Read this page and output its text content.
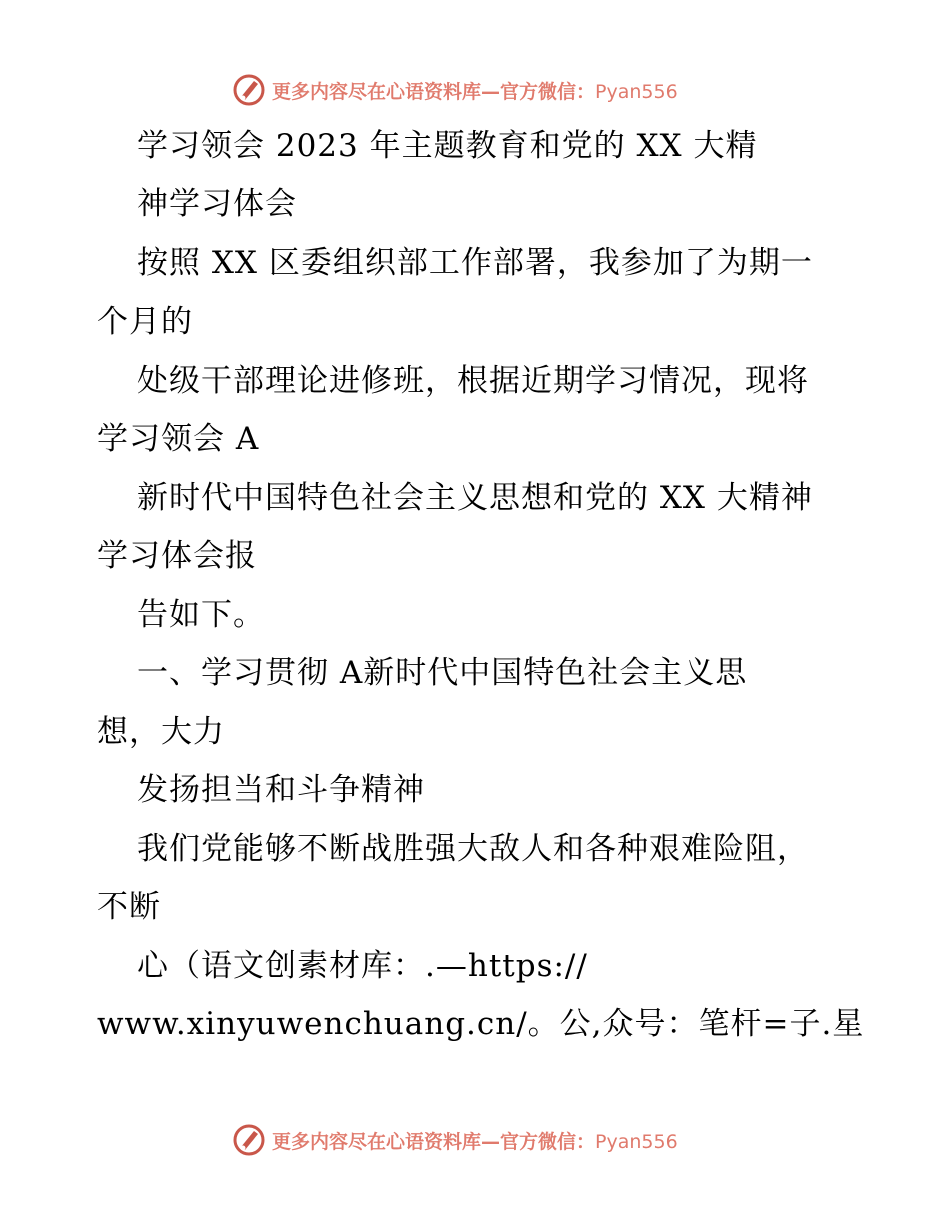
更多内容尽在心语资料库—官方微信：Pyan556
学习领会 2023 年主题教育和党的 XX 大精
神学习体会
按照 XX 区委组织部工作部署，我参加了为期一
个月的
处级干部理论进修班，根据近期学习情况，现将
学习领会 A
新时代中国特色社会主义思想和党的 XX 大精神
学习体会报
告如下。
一、学习贯彻 A新时代中国特色社会主义思
想，大力
发扬担当和斗争精神
我们党能够不断战胜强大敌人和各种艰难险阻，
不断
心（语文创素材库：.—https://
www.xinyuwenchuang.cn/。公,众号：笔杆=子.星
更多内容尽在心语资料库—官方微信：Pyan556
